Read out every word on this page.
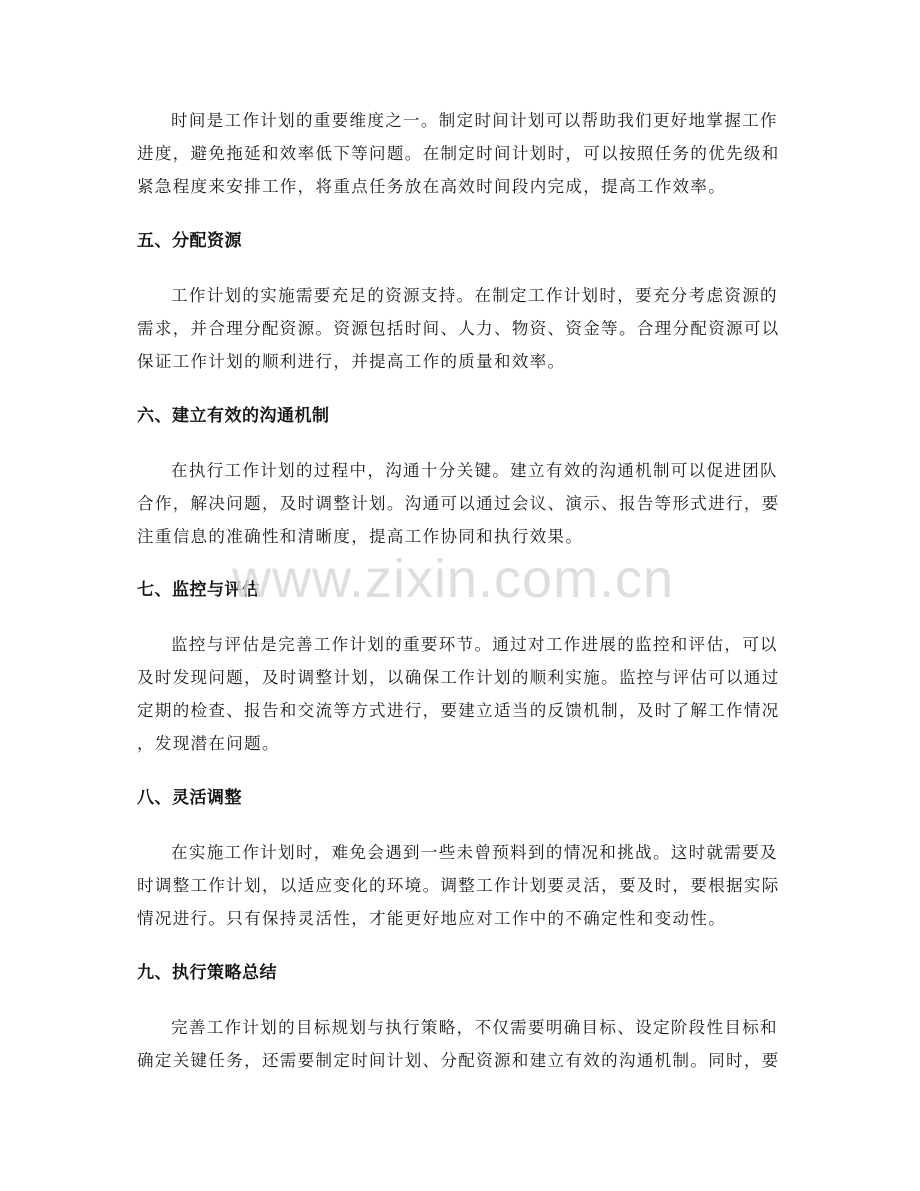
时间是工作计划的重要维度之一。制定时间计划可以帮助我们更好地掌握工作
进度，避免拖延和效率低下等问题。在制定时间计划时，可以按照任务的优先级和
紧急程度来安排工作，将重点任务放在高效时间段内完成，提高工作效率。

五、分配资源

工作计划的实施需要充足的资源支持。在制定工作计划时，要充分考虑资源的
需求，并合理分配资源。资源包括时间、人力、物资、资金等。合理分配资源可以
保证工作计划的顺利进行，并提高工作的质量和效率。

六、建立有效的沟通机制

在执行工作计划的过程中，沟通十分关键。建立有效的沟通机制可以促进团队
合作，解决问题，及时调整计划。沟通可以通过会议、演示、报告等形式进行，要
注重信息的准确性和清晰度，提高工作协同和执行效果。

七、监控与评估

监控与评估是完善工作计划的重要环节。通过对工作进展的监控和评估，可以
及时发现问题，及时调整计划，以确保工作计划的顺利实施。监控与评估可以通过
定期的检查、报告和交流等方式进行，要建立适当的反馈机制，及时了解工作情况
，发现潜在问题。

八、灵活调整

在实施工作计划时，难免会遇到一些未曾预料到的情况和挑战。这时就需要及
时调整工作计划，以适应变化的环境。调整工作计划要灵活，要及时，要根据实际
情况进行。只有保持灵活性，才能更好地应对工作中的不确定性和变动性。

九、执行策略总结

完善工作计划的目标规划与执行策略，不仅需要明确目标、设定阶段性目标和
确定关键任务，还需要制定时间计划、分配资源和建立有效的沟通机制。同时，要

www.zixin.com.cn
